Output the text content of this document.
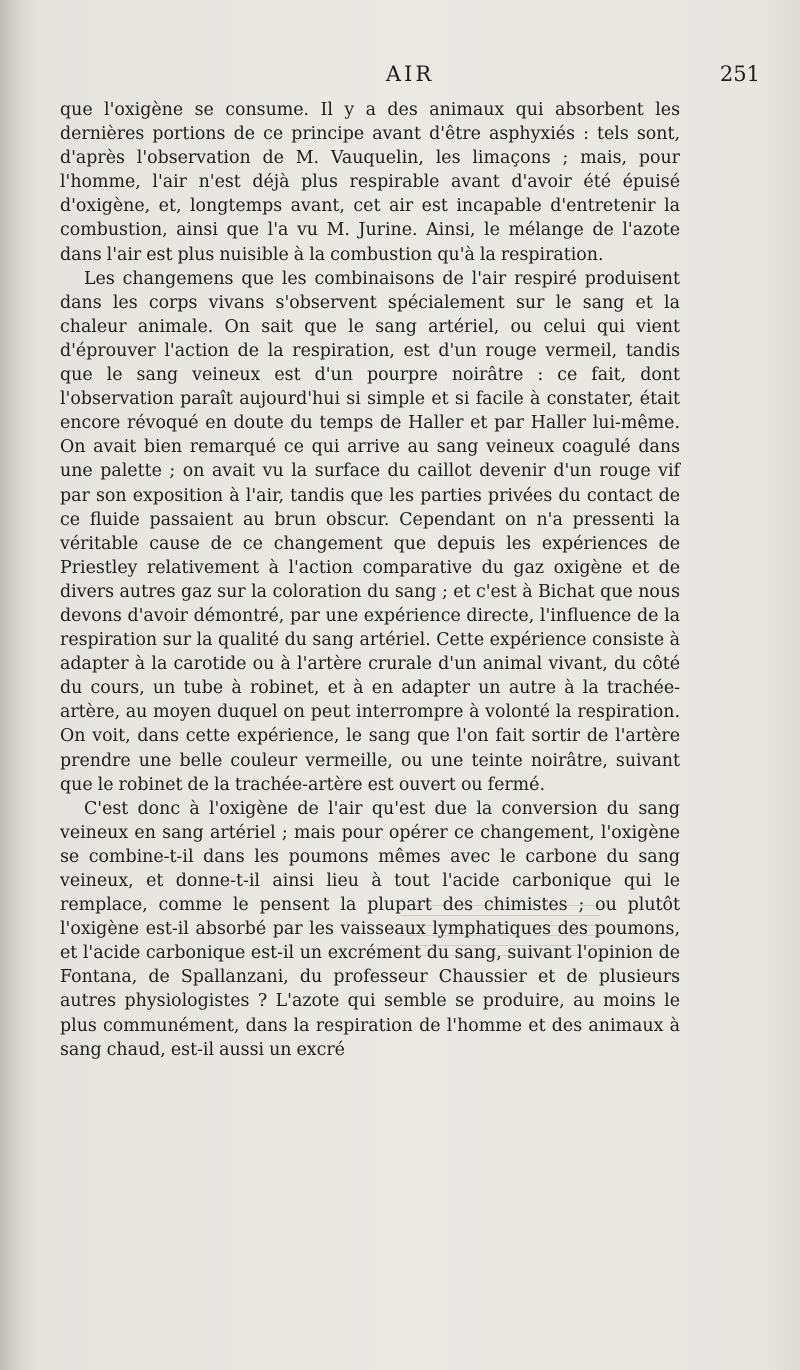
AIR	251

que l'oxigène se consume. Il y a des animaux qui absorbent les dernières portions de ce principe avant d'être asphyxiés : tels sont, d'après l'observation de M. Vauquelin, les limaçons ; mais, pour l'homme, l'air n'est déjà plus respirable avant d'avoir été épuisé d'oxigène, et, longtemps avant, cet air est incapable d'entretenir la combustion, ainsi que l'a vu M. Jurine. Ainsi, le mélange de l'azote dans l'air est plus nuisible à la combustion qu'à la respiration.

Les changemens que les combinaisons de l'air respiré produisent dans les corps vivans s'observent spécialement sur le sang et la chaleur animale. On sait que le sang artériel, ou celui qui vient d'éprouver l'action de la respiration, est d'un rouge vermeil, tandis que le sang veineux est d'un pourpre noirâtre : ce fait, dont l'observation paraît aujourd'hui si simple et si facile à constater, était encore révoqué en doute du temps de Haller et par Haller lui-même. On avait bien remarqué ce qui arrive au sang veineux coagulé dans une palette ; on avait vu la surface du caillot devenir d'un rouge vif par son exposition à l'air, tandis que les parties privées du contact de ce fluide passaient au brun obscur. Cependant on n'a pressenti la véritable cause de ce changement que depuis les expériences de Priestley relativement à l'action comparative du gaz oxigène et de divers autres gaz sur la coloration du sang ; et c'est à Bichat que nous devons d'avoir démontré, par une expérience directe, l'influence de la respiration sur la qualité du sang artériel. Cette expérience consiste à adapter à la carotide ou à l'artère crurale d'un animal vivant, du côté du cours, un tube à robinet, et à en adapter un autre à la trachée-artère, au moyen duquel on peut interrompre à volonté la respiration. On voit, dans cette expérience, le sang que l'on fait sortir de l'artère prendre une belle couleur vermeille, ou une teinte noirâtre, suivant que le robinet de la trachée-artère est ouvert ou fermé.

C'est donc à l'oxigène de l'air qu'est due la conversion du sang veineux en sang artériel ; mais pour opérer ce changement, l'oxigène se combine-t-il dans les poumons mêmes avec le carbone du sang veineux, et donne-t-il ainsi lieu à tout l'acide carbonique qui le remplace, comme le pensent la plupart des chimistes ; ou plutôt l'oxigène est-il absorbé par les vaisseaux lymphatiques des poumons, et l'acide carbonique est-il un excrément du sang, suivant l'opinion de Fontana, de Spallanzani, du professeur Chaussier et de plusieurs autres physiologistes ? L'azote qui semble se produire, au moins le plus communément, dans la respiration de l'homme et des animaux à sang chaud, est-il aussi un excré
